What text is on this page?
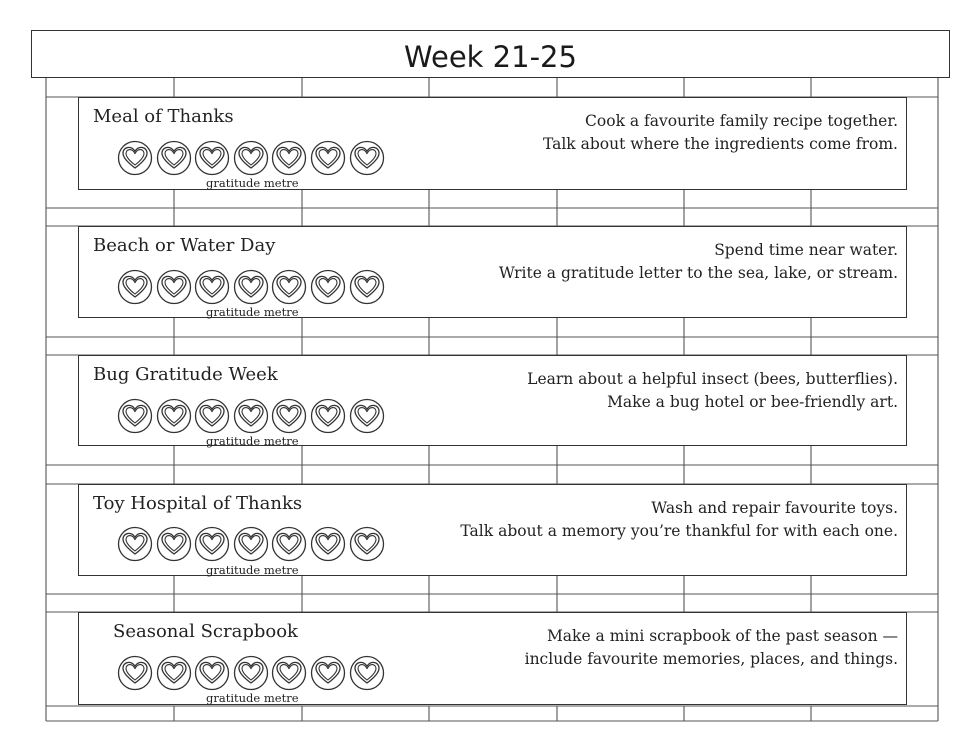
Week 21-25
Meal of Thanks	Cook a favourite family recipe together.
Talk about where the ingredients come from.
gratitude metre
Beach or Water Day	Spend time near water.
Write a gratitude letter to the sea, lake, or stream.
gratitude metre
Bug Gratitude Week	Learn about a helpful insect (bees, butterflies).
Make a bug hotel or bee-friendly art.
gratitude metre
Toy Hospital of Thanks	Wash and repair favourite toys.
Talk about a memory you’re thankful for with each one.
gratitude metre
Seasonal Scrapbook	Make a mini scrapbook of the past season —
include favourite memories, places, and things.
gratitude metre
